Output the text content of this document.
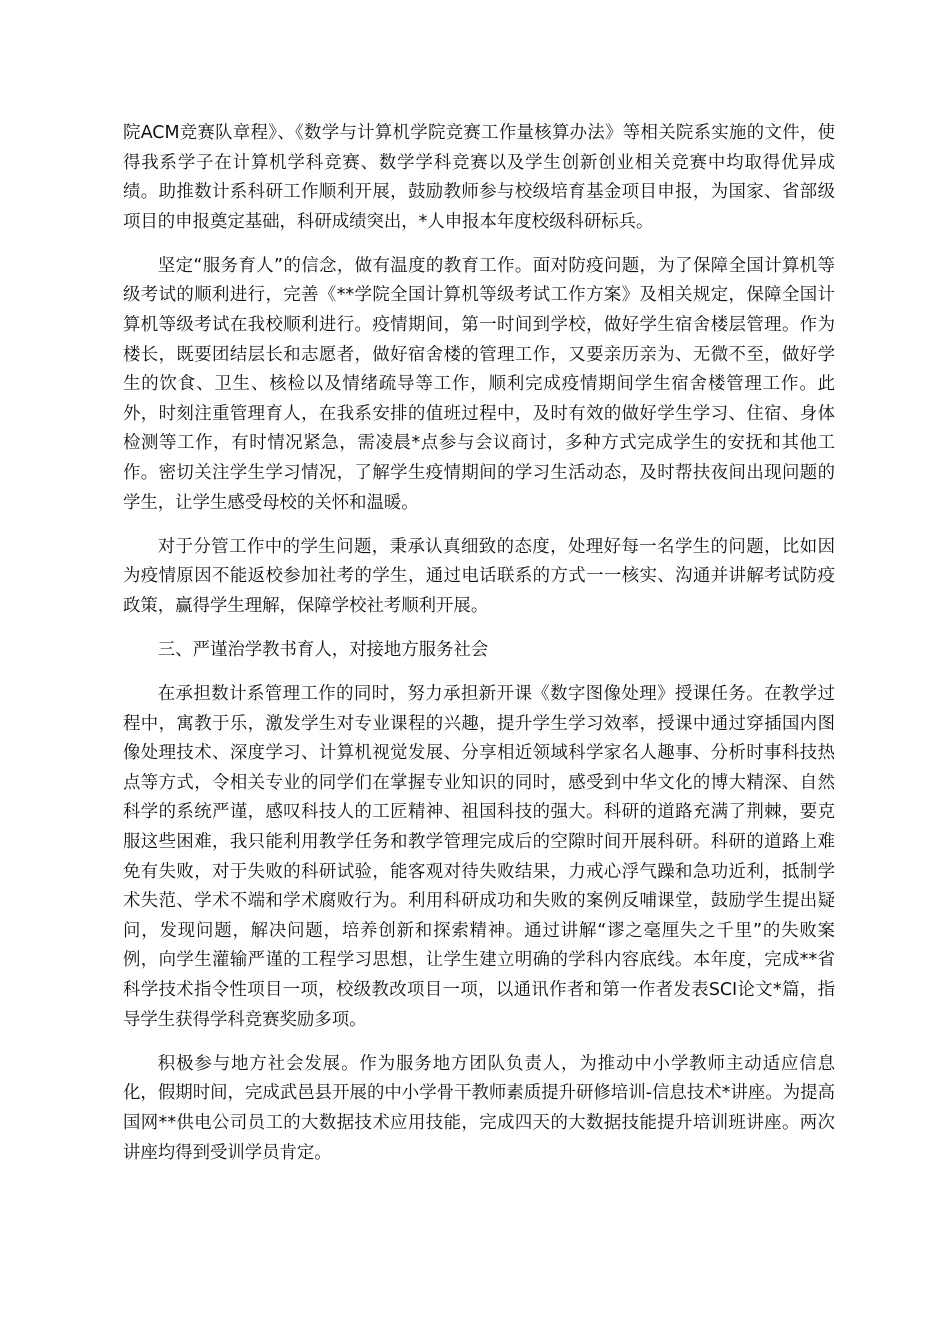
院ACM竞赛队章程》、《数学与计算机学院竞赛工作量核算办法》等相关院系实施的文件，使得我系学子在计算机学科竞赛、数学学科竞赛以及学生创新创业相关竞赛中均取得优异成绩。助推数计系科研工作顺利开展，鼓励教师参与校级培育基金项目申报，为国家、省部级项目的申报奠定基础，科研成绩突出，*人申报本年度校级科研标兵。

坚定“服务育人”的信念，做有温度的教育工作。面对防疫问题，为了保障全国计算机等级考试的顺利进行，完善《**学院全国计算机等级考试工作方案》及相关规定，保障全国计算机等级考试在我校顺利进行。疫情期间，第一时间到学校，做好学生宿舍楼层管理。作为楼长，既要团结层长和志愿者，做好宿舍楼的管理工作，又要亲历亲为、无微不至，做好学生的饮食、卫生、核检以及情绪疏导等工作，顺利完成疫情期间学生宿舍楼管理工作。此外，时刻注重管理育人，在我系安排的值班过程中，及时有效的做好学生学习、住宿、身体检测等工作，有时情况紧急，需凌晨*点参与会议商讨，多种方式完成学生的安抚和其他工作。密切关注学生学习情况，了解学生疫情期间的学习生活动态，及时帮扶夜间出现问题的学生，让学生感受母校的关怀和温暖。

对于分管工作中的学生问题，秉承认真细致的态度，处理好每一名学生的问题，比如因为疫情原因不能返校参加社考的学生，通过电话联系的方式一一核实、沟通并讲解考试防疫政策，赢得学生理解，保障学校社考顺利开展。

三、严谨治学教书育人，对接地方服务社会

在承担数计系管理工作的同时，努力承担新开课《数字图像处理》授课任务。在教学过程中，寓教于乐，激发学生对专业课程的兴趣，提升学生学习效率，授课中通过穿插国内图像处理技术、深度学习、计算机视觉发展、分享相近领域科学家名人趣事、分析时事科技热点等方式，令相关专业的同学们在掌握专业知识的同时，感受到中华文化的博大精深、自然科学的系统严谨，感叹科技人的工匠精神、祖国科技的强大。科研的道路充满了荆棘，要克服这些困难，我只能利用教学任务和教学管理完成后的空隙时间开展科研。科研的道路上难免有失败，对于失败的科研试验，能客观对待失败结果，力戒心浮气躁和急功近利，抵制学术失范、学术不端和学术腐败行为。利用科研成功和失败的案例反哺课堂，鼓励学生提出疑问，发现问题，解决问题，培养创新和探索精神。通过讲解“谬之毫厘失之千里”的失败案例，向学生灌输严谨的工程学习思想，让学生建立明确的学科内容底线。本年度，完成**省科学技术指令性项目一项，校级教改项目一项，以通讯作者和第一作者发表SCI论文*篇，指导学生获得学科竞赛奖励多项。

积极参与地方社会发展。作为服务地方团队负责人，为推动中小学教师主动适应信息化，假期时间，完成武邑县开展的中小学骨干教师素质提升研修培训-信息技术*讲座。为提高国网**供电公司员工的大数据技术应用技能，完成四天的大数据技能提升培训班讲座。两次讲座均得到受训学员肯定。
